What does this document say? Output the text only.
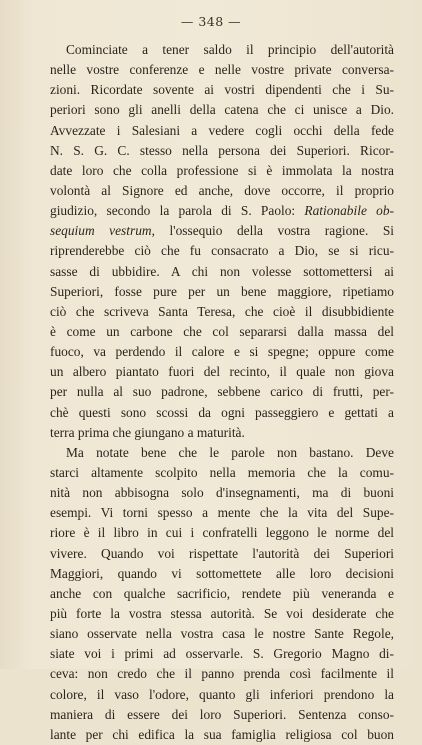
— 348 —
Cominciate a tener saldo il principio dell'autorità
nelle vostre conferenze e nelle vostre private conversa-
zioni. Ricordate sovente ai vostri dipendenti che i Su-
periori sono gli anelli della catena che ci unisce a Dio.
Avvezzate i Salesiani a vedere cogli occhi della fede
N. S. G. C. stesso nella persona dei Superiori. Ricor-
date loro che colla professione si è immolata la nostra
volontà al Signore ed anche, dove occorre, il proprio
giudizio, secondo la parola di S. Paolo: Rationabile ob-
sequium vestrum, l'ossequio della vostra ragione. Si
riprenderebbe ciò che fu consacrato a Dio, se si ricu-
sasse di ubbidire. A chi non volesse sottomettersi ai
Superiori, fosse pure per un bene maggiore, ripetiamo
ciò che scriveva Santa Teresa, che cioè il disubbidiente
è come un carbone che col separarsi dalla massa del
fuoco, va perdendo il calore e si spegne; oppure come
un albero piantato fuori del recinto, il quale non giova
per nulla al suo padrone, sebbene carico di frutti, per-
chè questi sono scossi da ogni passeggiero e gettati a
terra prima che giungano a maturità.
Ma notate bene che le parole non bastano. Deve
starci altamente scolpito nella memoria che la comu-
nità non abbisogna solo d'insegnamenti, ma di buoni
esempi. Vi torni spesso a mente che la vita del Supe-
riore è il libro in cui i confratelli leggono le norme del
vivere. Quando voi rispettate l'autorità dei Superiori
Maggiori, quando vi sottomettete alle loro decisioni
anche con qualche sacrificio, rendete più veneranda e
più forte la vostra stessa autorità. Se voi desiderate che
siano osservate nella vostra casa le nostre Sante Regole,
siate voi i primi ad osservarle. S. Gregorio Magno di-
ceva: non credo che il panno prenda così facilmente il
colore, il vaso l'odore, quanto gli inferiori prendono la
maniera di essere dei loro Superiori. Sentenza conso-
lante per chi edifica la sua famiglia religiosa col buon
